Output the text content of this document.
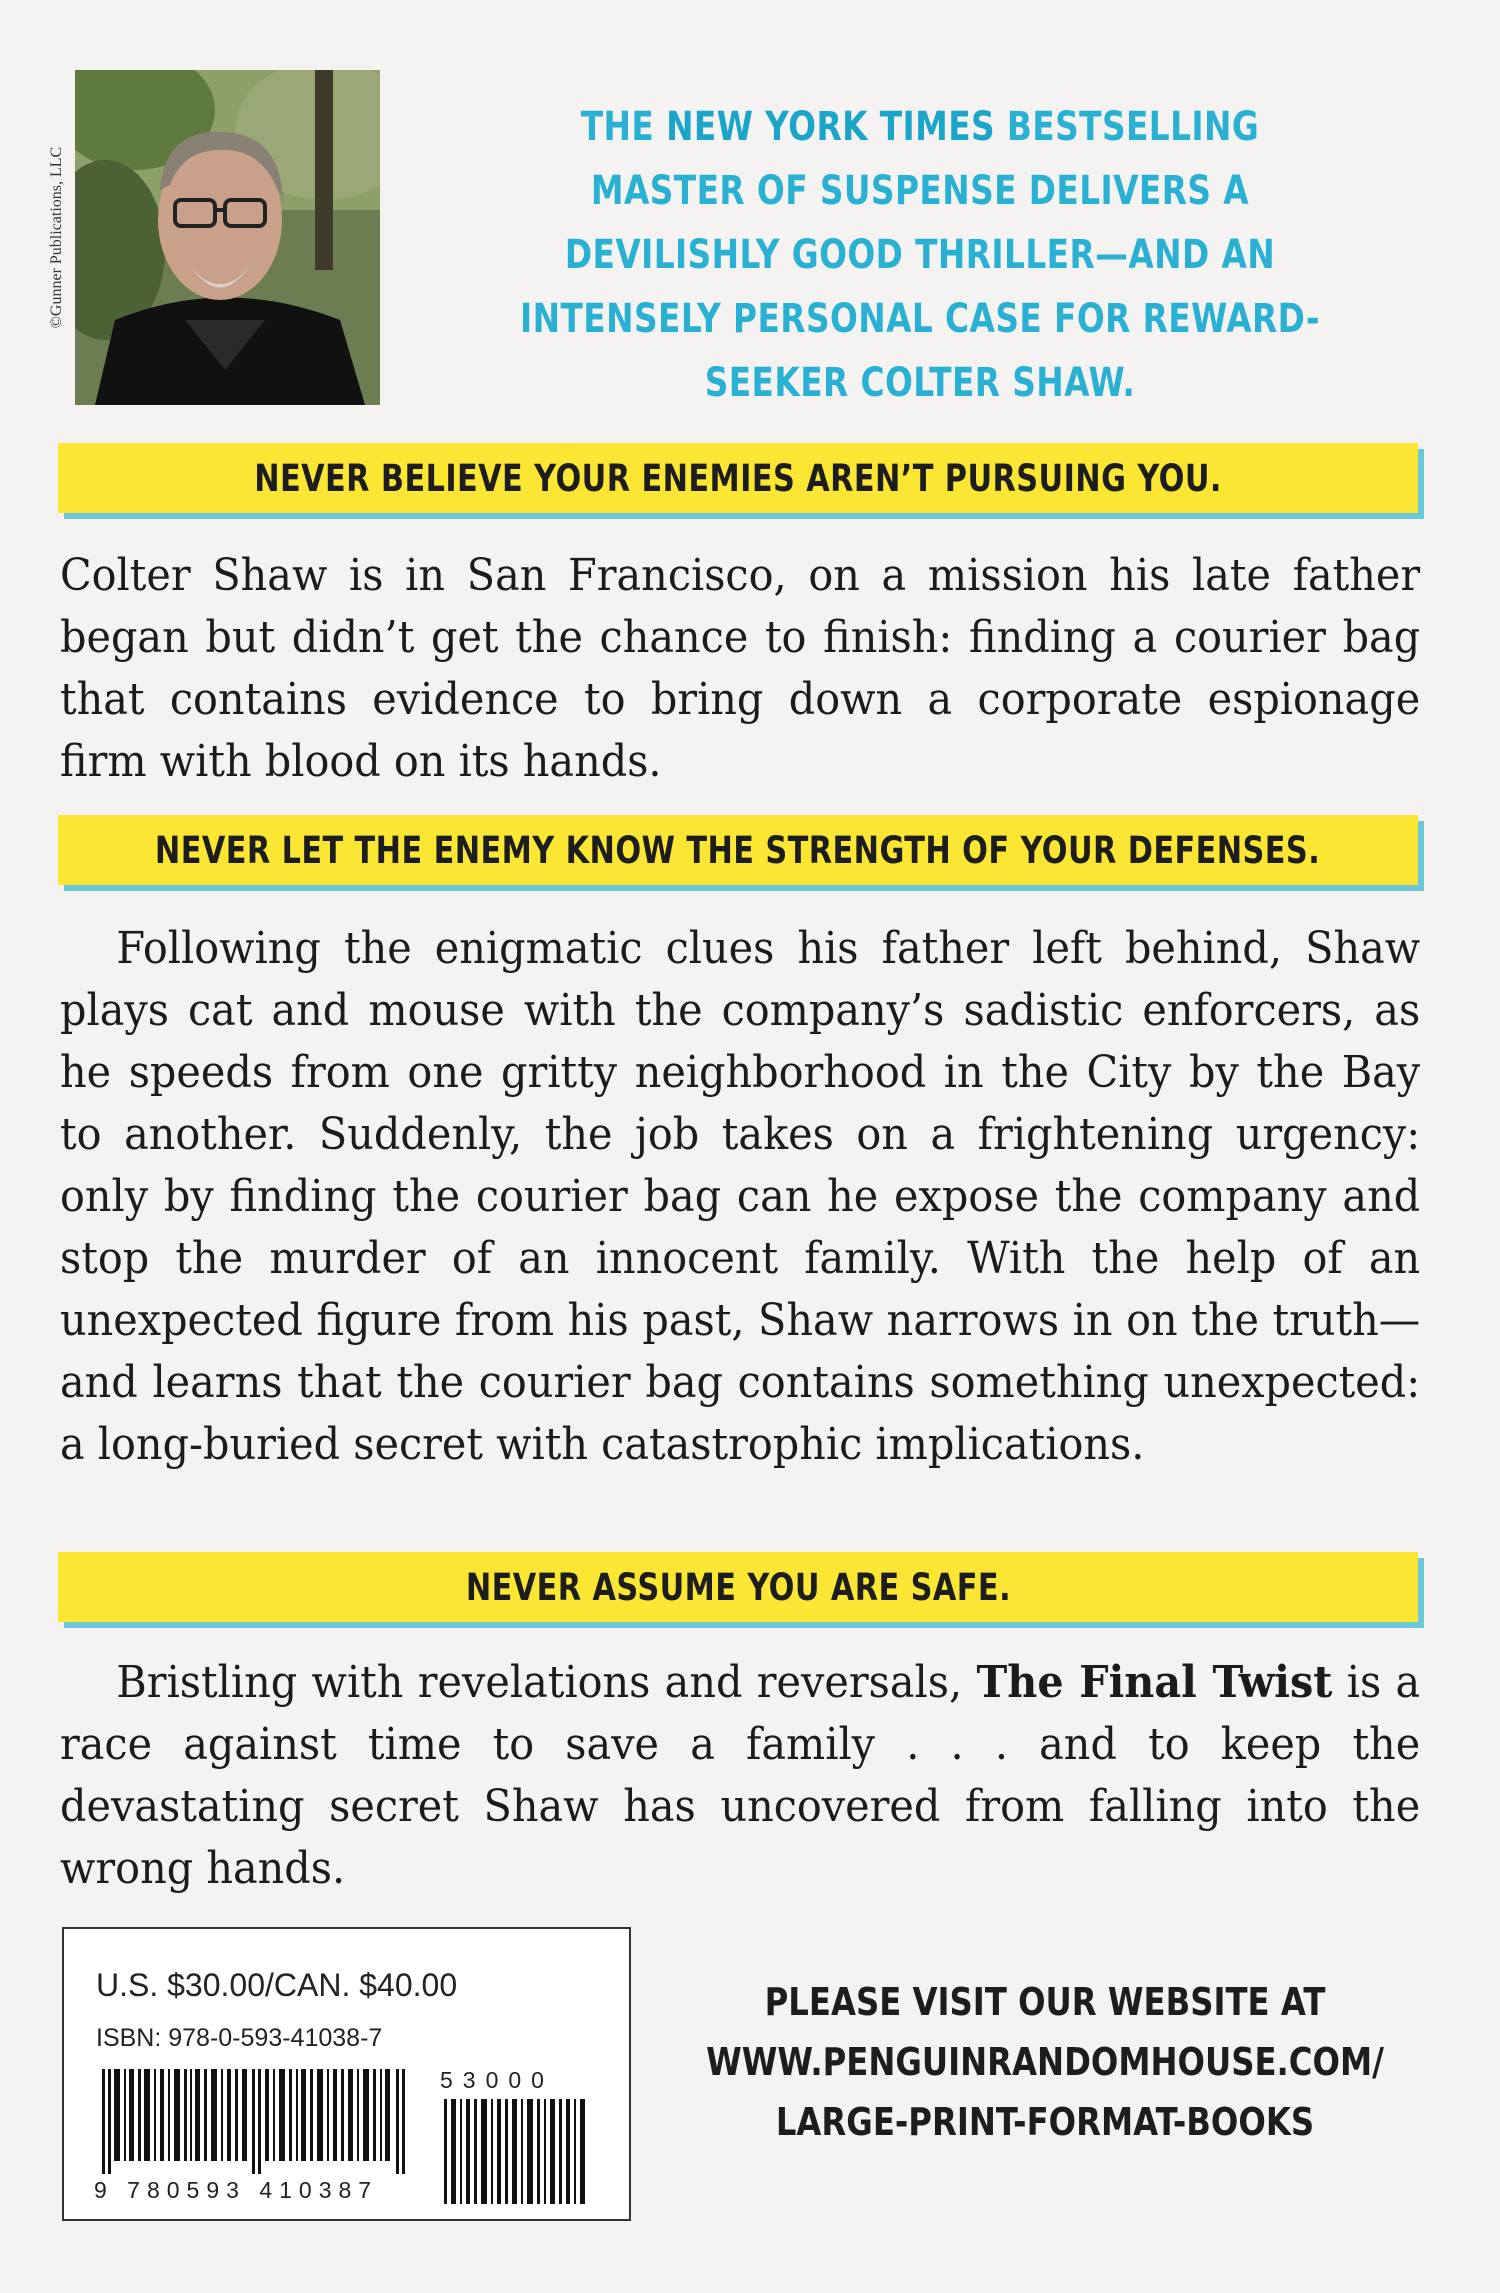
©Gunner Publications, LLC
THE NEW YORK TIMES BESTSELLING MASTER OF SUSPENSE DELIVERS A DEVILISHLY GOOD THRILLER—AND AN INTENSELY PERSONAL CASE FOR REWARD-SEEKER COLTER SHAW.
NEVER BELIEVE YOUR ENEMIES AREN’T PURSUING YOU.
Colter Shaw is in San Francisco, on a mission his late father began but didn’t get the chance to finish: finding a courier bag that contains evidence to bring down a corporate espionage firm with blood on its hands.
NEVER LET THE ENEMY KNOW THE STRENGTH OF YOUR DEFENSES.
Following the enigmatic clues his father left behind, Shaw plays cat and mouse with the company’s sadistic enforcers, as he speeds from one gritty neighborhood in the City by the Bay to another. Suddenly, the job takes on a frightening urgency: only by finding the courier bag can he expose the company and stop the murder of an innocent family. With the help of an unexpected figure from his past, Shaw narrows in on the truth—and learns that the courier bag contains something unexpected: a long-buried secret with catastrophic implications.
NEVER ASSUME YOU ARE SAFE.
Bristling with revelations and reversals, The Final Twist is a race against time to save a family . . . and to keep the devastating secret Shaw has uncovered from falling into the wrong hands.
U.S. $30.00/CAN. $40.00
ISBN: 978-0-593-41038-7
9 780593 410387
53000
PLEASE VISIT OUR WEBSITE AT
WWW.PENGUINRANDOMHOUSE.COM/
LARGE-PRINT-FORMAT-BOOKS
